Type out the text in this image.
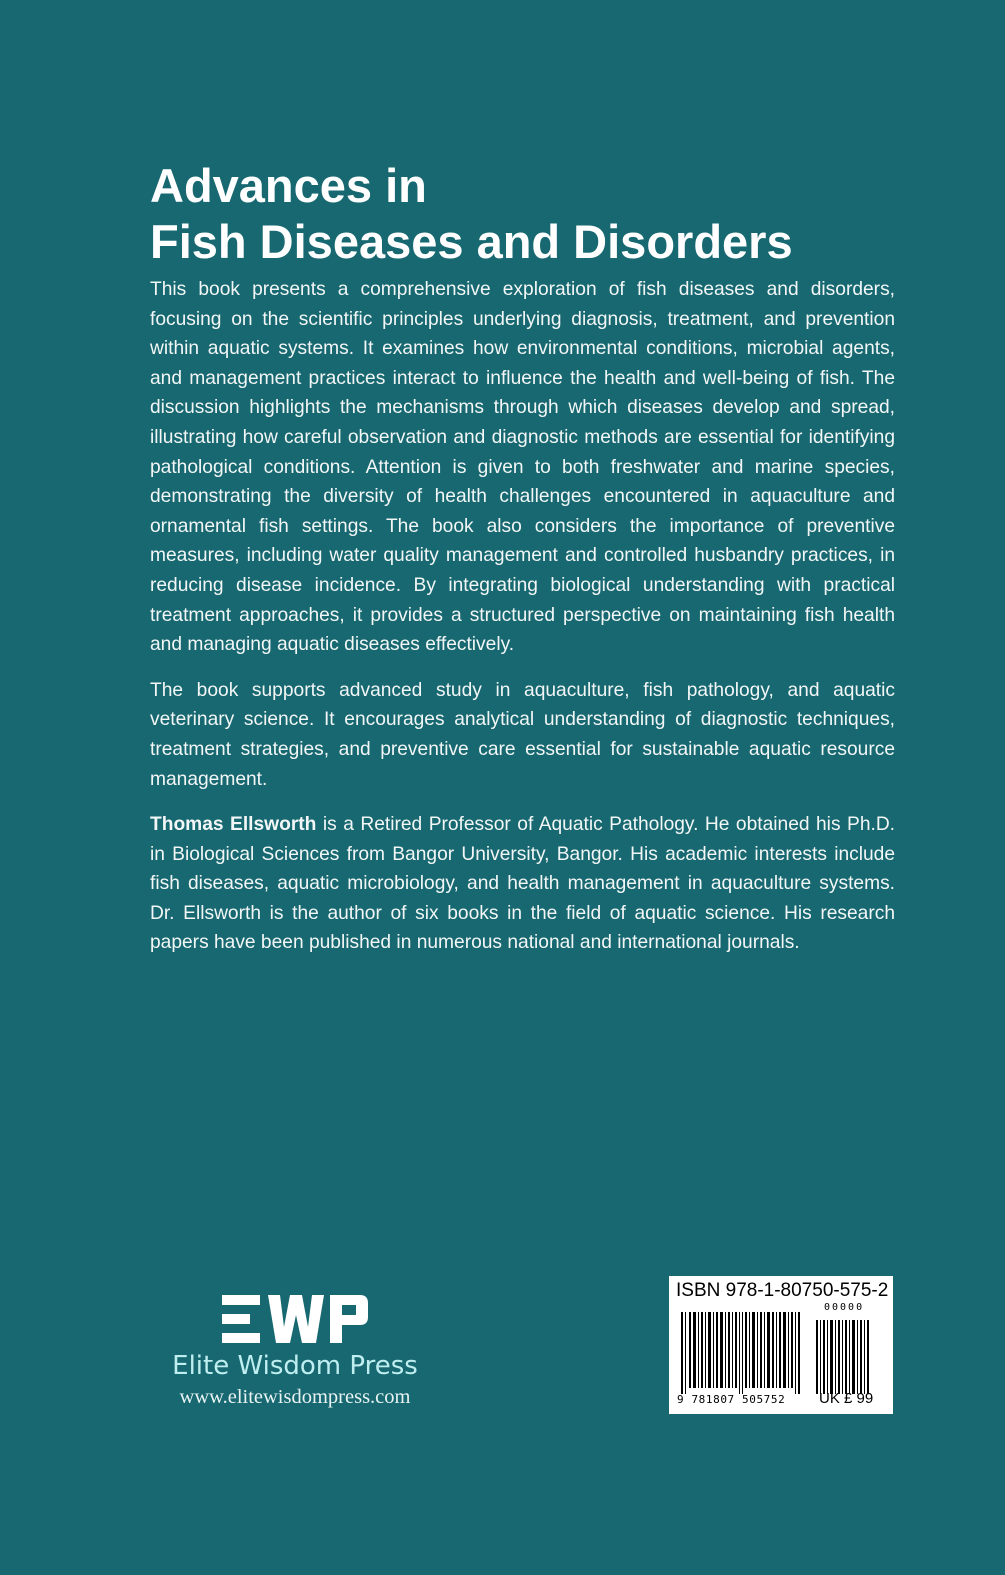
Advances in
Fish Diseases and Disorders

This book presents a comprehensive exploration of fish diseases and disorders, focusing on the scientific principles underlying diagnosis, treatment, and prevention within aquatic systems. It examines how environmental conditions, microbial agents, and management practices interact to influence the health and well-being of fish. The discussion highlights the mechanisms through which diseases develop and spread, illustrating how careful observation and diagnostic methods are essential for identifying pathological conditions. Attention is given to both freshwater and marine species, demonstrating the diversity of health challenges encountered in aquaculture and ornamental fish settings. The book also considers the importance of preventive measures, including water quality management and controlled husbandry practices, in reducing disease incidence. By integrating biological understanding with practical treatment approaches, it provides a structured perspective on maintaining fish health and managing aquatic diseases effectively.

The book supports advanced study in aquaculture, fish pathology, and aquatic veterinary science. It encourages analytical understanding of diagnostic techniques, treatment strategies, and preventive care essential for sustainable aquatic resource management.

Thomas Ellsworth is a Retired Professor of Aquatic Pathology. He obtained his Ph.D. in Biological Sciences from Bangor University, Bangor. His academic interests include fish diseases, aquatic microbiology, and health management in aquaculture systems. Dr. Ellsworth is the author of six books in the field of aquatic science. His research papers have been published in numerous national and international journals.

Elite Wisdom Press
www.elitewisdompress.com
ISBN 978-1-80750-575-2
00000
9 781807 505752 UK £ 99
